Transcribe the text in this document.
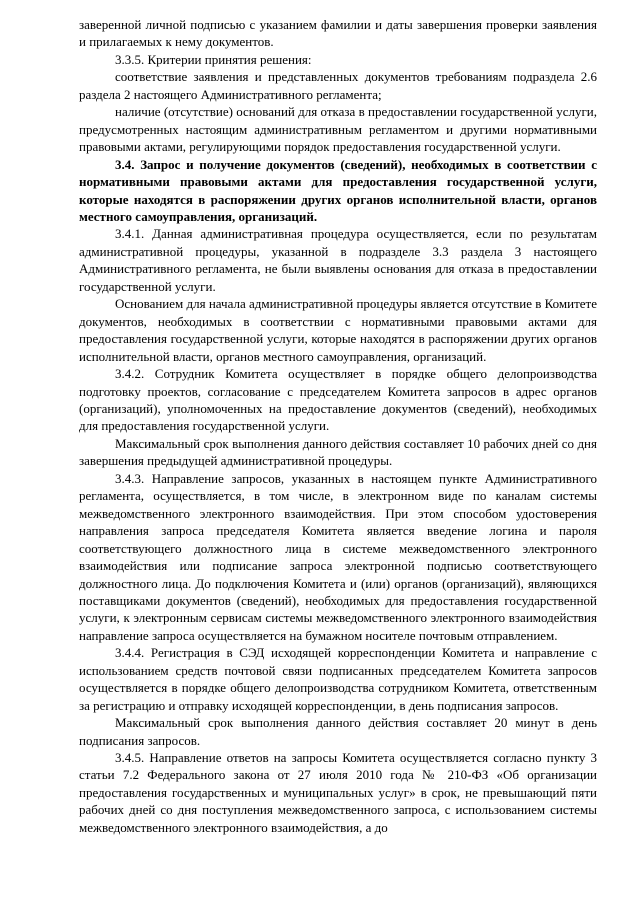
заверенной личной подписью с указанием фамилии и даты завершения проверки заявления и прилагаемых к нему документов.

3.3.5. Критерии принятия решения:

соответствие заявления и представленных документов требованиям подраздела 2.6 раздела 2 настоящего Административного регламента;

наличие (отсутствие) оснований для отказа в предоставлении государственной услуги, предусмотренных настоящим административным регламентом и другими нормативными правовыми актами, регулирующими порядок предоставления государственной услуги.

3.4. Запрос и получение документов (сведений), необходимых в соответствии с нормативными правовыми актами для предоставления государственной услуги, которые находятся в распоряжении других органов исполнительной власти, органов местного самоуправления, организаций.

3.4.1. Данная административная процедура осуществляется, если по результатам административной процедуры, указанной в подразделе 3.3 раздела 3 настоящего Административного регламента, не были выявлены основания для отказа в предоставлении государственной услуги.

Основанием для начала административной процедуры является отсутствие в Комитете документов, необходимых в соответствии с нормативными правовыми актами для предоставления государственной услуги, которые находятся в распоряжении других органов исполнительной власти, органов местного самоуправления, организаций.

3.4.2. Сотрудник Комитета осуществляет в порядке общего делопроизводства подготовку проектов, согласование с председателем Комитета запросов в адрес органов (организаций), уполномоченных на предоставление документов (сведений), необходимых для предоставления государственной услуги.

Максимальный срок выполнения данного действия составляет 10 рабочих дней со дня завершения предыдущей административной процедуры.

3.4.3. Направление запросов, указанных в настоящем пункте Административного регламента, осуществляется, в том числе, в электронном виде по каналам системы межведомственного электронного взаимодействия. При этом способом удостоверения направления запроса председателя Комитета является введение логина и пароля соответствующего должностного лица в системе межведомственного электронного взаимодействия или подписание запроса электронной подписью соответствующего должностного лица. До подключения Комитета и (или) органов (организаций), являющихся поставщиками документов (сведений), необходимых для предоставления государственной услуги, к электронным сервисам системы межведомственного электронного взаимодействия направление запроса осуществляется на бумажном носителе почтовым отправлением.

3.4.4. Регистрация в СЭД исходящей корреспонденции Комитета и направление с использованием средств почтовой связи подписанных председателем Комитета запросов осуществляется в порядке общего делопроизводства сотрудником Комитета, ответственным за регистрацию и отправку исходящей корреспонденции, в день подписания запросов.

Максимальный срок выполнения данного действия составляет 20 минут в день подписания запросов.

3.4.5. Направление ответов на запросы Комитета осуществляется согласно пункту 3 статьи 7.2 Федерального закона от 27 июля 2010 года № 210-ФЗ «Об организации предоставления государственных и муниципальных услуг» в срок, не превышающий пяти рабочих дней со дня поступления межведомственного запроса, с использованием системы межведомственного электронного взаимодействия, а до
